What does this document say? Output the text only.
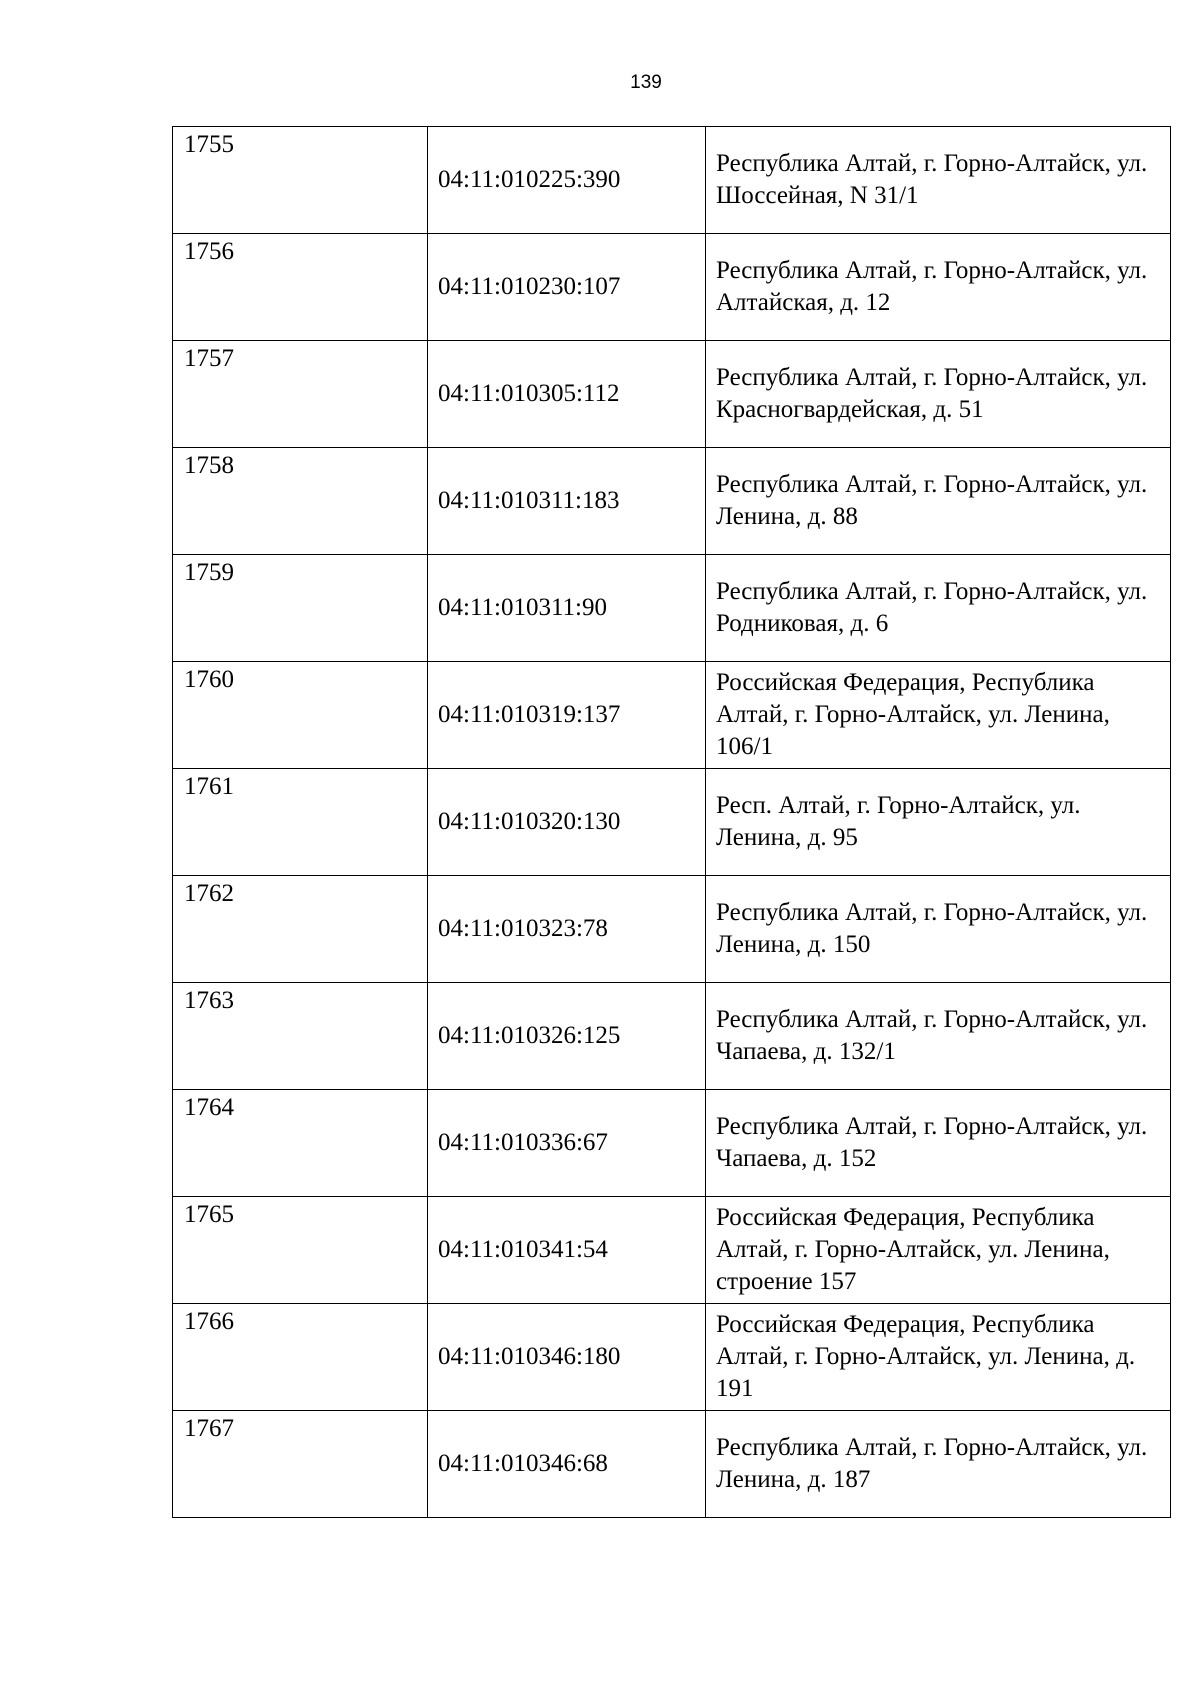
139
1755	04:11:010225:390	Республика Алтай, г. Горно-Алтайск, ул. Шоссейная, N 31/1

1756	04:11:010230:107	Республика Алтай, г. Горно-Алтайск, ул. Алтайская, д. 12

1757	04:11:010305:112	Республика Алтай, г. Горно-Алтайск, ул. Красногвардейская, д. 51

1758	04:11:010311:183	Республика Алтай, г. Горно-Алтайск, ул. Ленина, д. 88

1759	04:11:010311:90	Республика Алтай, г. Горно-Алтайск, ул. Родниковая, д. 6

1760	04:11:010319:137	Российская Федерация, Республика Алтай, г. Горно-Алтайск, ул. Ленина, 106/1

1761	04:11:010320:130	Респ. Алтай, г. Горно-Алтайск, ул. Ленина, д. 95

1762	04:11:010323:78	Республика Алтай, г. Горно-Алтайск, ул. Ленина, д. 150

1763	04:11:010326:125	Республика Алтай, г. Горно-Алтайск, ул. Чапаева, д. 132/1

1764	04:11:010336:67	Республика Алтай, г. Горно-Алтайск, ул. Чапаева, д. 152

1765	04:11:010341:54	Российская Федерация, Республика Алтай, г. Горно-Алтайск, ул. Ленина, строение 157

1766	04:11:010346:180	Российская Федерация, Республика Алтай, г. Горно-Алтайск, ул. Ленина, д. 191

1767	04:11:010346:68	Республика Алтай, г. Горно-Алтайск, ул. Ленина, д. 187
